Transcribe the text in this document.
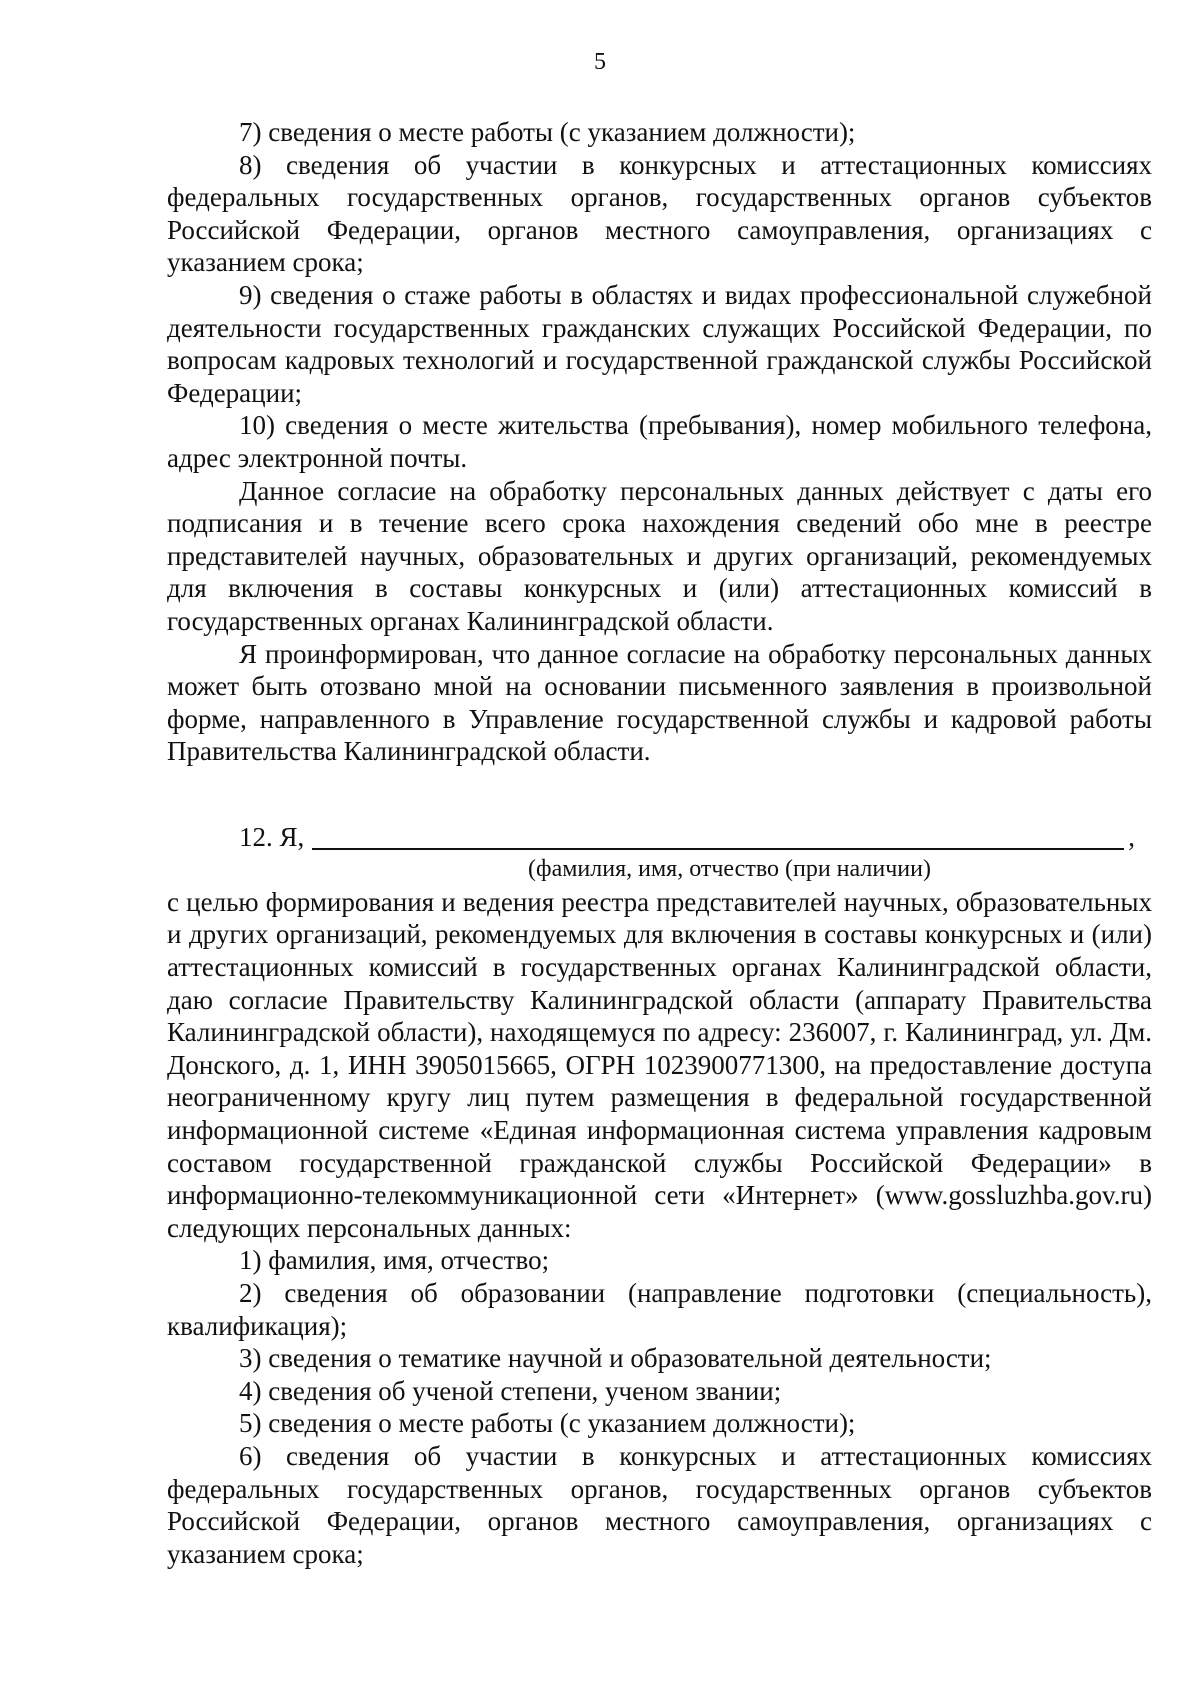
5

7) сведения о месте работы (с указанием должности);

8) сведения об участии в конкурсных и аттестационных комиссиях федеральных государственных органов, государственных органов субъектов Российской Федерации, органов местного самоуправления, организациях с указанием срока;

9) сведения о стаже работы в областях и видах профессиональной служебной деятельности государственных гражданских служащих Российской Федерации, по вопросам кадровых технологий и государственной гражданской службы Российской Федерации;

10) сведения о месте жительства (пребывания), номер мобильного телефона, адрес электронной почты.

Данное согласие на обработку персональных данных действует с даты его подписания и в течение всего срока нахождения сведений обо мне в реестре представителей научных, образовательных и других организаций, рекомендуемых для включения в составы конкурсных и (или) аттестационных комиссий в государственных органах Калининградской области.

Я проинформирован, что данное согласие на обработку персональных данных может быть отозвано мной на основании письменного заявления в произвольной форме, направленного в Управление государственной службы и кадровой работы Правительства Калининградской области.

12. Я,	,
(фамилия, имя, отчество (при наличии)

с целью формирования и ведения реестра представителей научных, образовательных и других организаций, рекомендуемых для включения в составы конкурсных и (или) аттестационных комиссий в государственных органах Калининградской области, даю согласие Правительству Калининградской области (аппарату Правительства Калининградской области), находящемуся по адресу: 236007, г. Калининград, ул. Дм. Донского, д. 1, ИНН 3905015665, ОГРН 1023900771300, на предоставление доступа неограниченному кругу лиц путем размещения в федеральной государственной информационной системе «Единая информационная система управления кадровым составом государственной гражданской службы Российской Федерации» в информационно-телекоммуникационной сети «Интернет» (www.gossluzhba.gov.ru) следующих персональных данных:

1) фамилия, имя, отчество;

2) сведения об образовании (направление подготовки (специальность), квалификация);

3) сведения о тематике научной и образовательной деятельности;

4) сведения об ученой степени, ученом звании;

5) сведения о месте работы (с указанием должности);

6) сведения об участии в конкурсных и аттестационных комиссиях федеральных государственных органов, государственных органов субъектов Российской Федерации, органов местного самоуправления, организациях с указанием срока;
